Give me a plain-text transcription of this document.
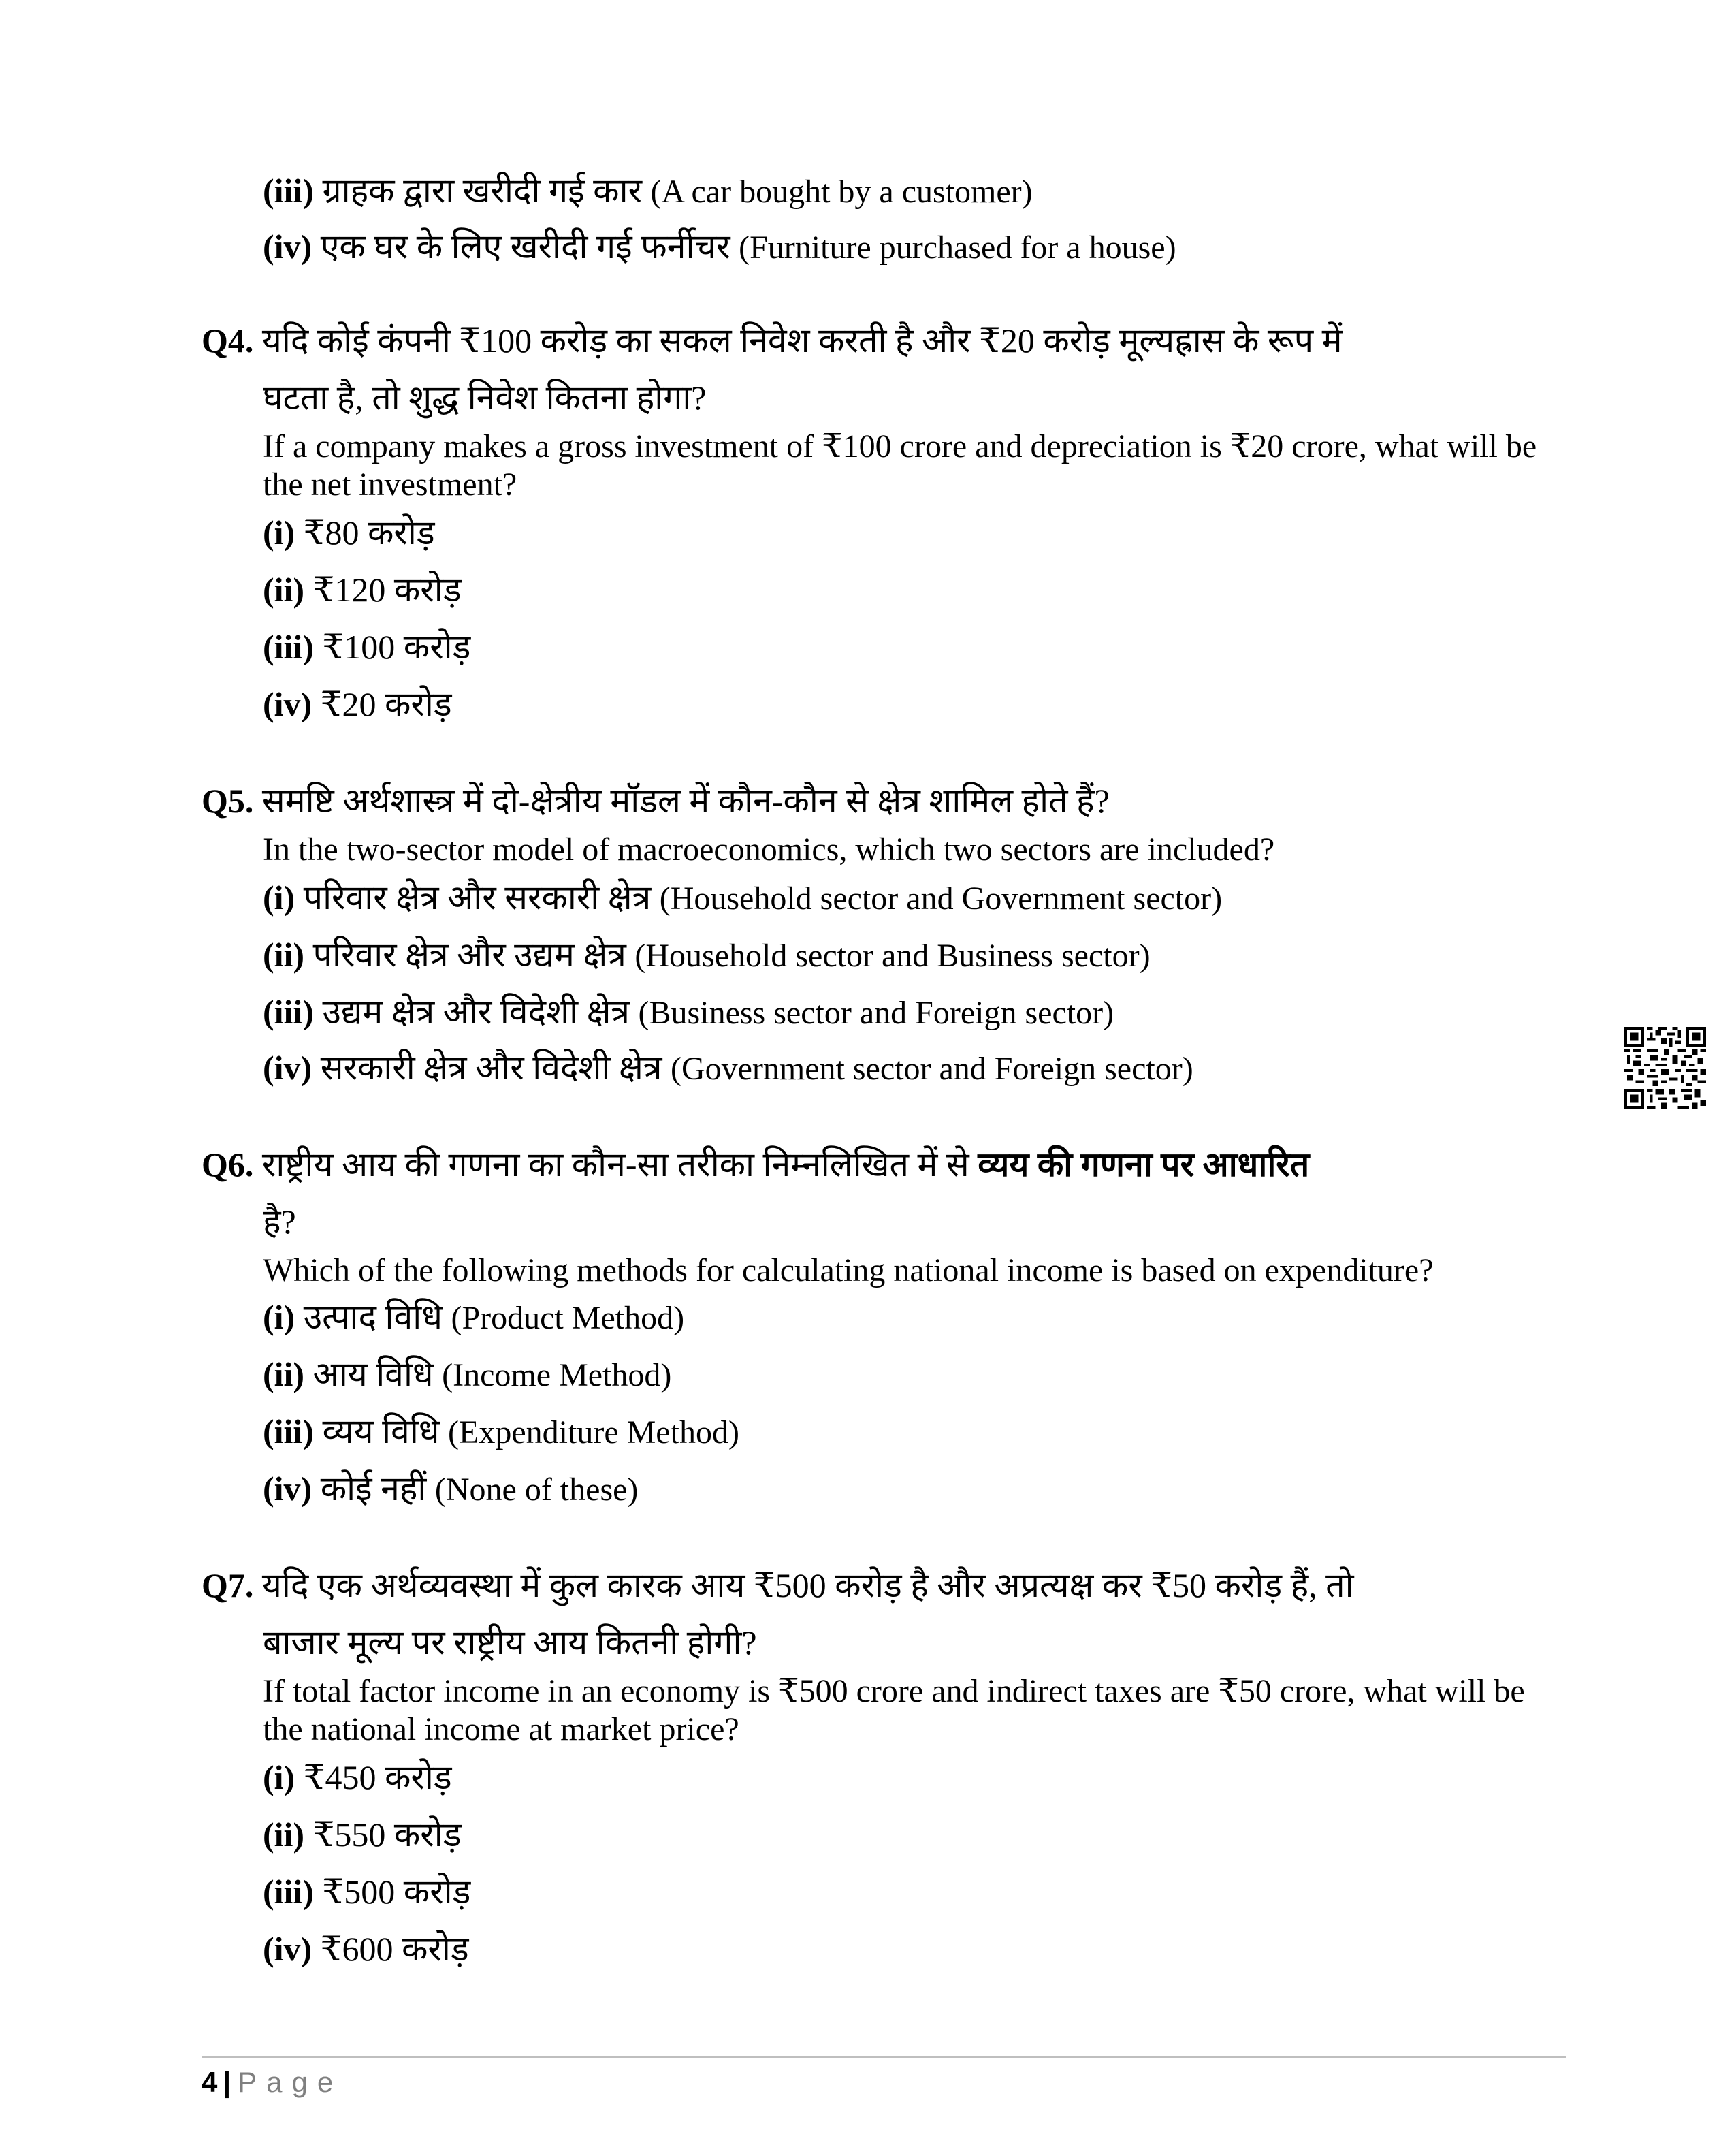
(iii) ग्राहक द्वारा खरीदी गई कार (A car bought by a customer)
(iv) एक घर के लिए खरीदी गई फर्नीचर (Furniture purchased for a house)
Q4. यदि कोई कंपनी ₹100 करोड़ का सकल निवेश करती है और ₹20 करोड़ मूल्यह्रास के रूप में
घटता है, तो शुद्ध निवेश कितना होगा?
If a company makes a gross investment of ₹100 crore and depreciation is ₹20 crore, what will be the net investment?
(i) ₹80 करोड़
(ii) ₹120 करोड़
(iii) ₹100 करोड़
(iv) ₹20 करोड़
Q5. समष्टि अर्थशास्त्र में दो-क्षेत्रीय मॉडल में कौन-कौन से क्षेत्र शामिल होते हैं?
In the two-sector model of macroeconomics, which two sectors are included?
(i) परिवार क्षेत्र और सरकारी क्षेत्र (Household sector and Government sector)
(ii) परिवार क्षेत्र और उद्यम क्षेत्र (Household sector and Business sector)
(iii) उद्यम क्षेत्र और विदेशी क्षेत्र (Business sector and Foreign sector)
(iv) सरकारी क्षेत्र और विदेशी क्षेत्र (Government sector and Foreign sector)
Q6. राष्ट्रीय आय की गणना का कौन-सा तरीका निम्नलिखित में से व्यय की गणना पर आधारित
है?
Which of the following methods for calculating national income is based on expenditure?
(i) उत्पाद विधि (Product Method)
(ii) आय विधि (Income Method)
(iii) व्यय विधि (Expenditure Method)
(iv) कोई नहीं (None of these)
Q7. यदि एक अर्थव्यवस्था में कुल कारक आय ₹500 करोड़ है और अप्रत्यक्ष कर ₹50 करोड़ हैं, तो
बाजार मूल्य पर राष्ट्रीय आय कितनी होगी?
If total factor income in an economy is ₹500 crore and indirect taxes are ₹50 crore, what will be the national income at market price?
(i) ₹450 करोड़
(ii) ₹550 करोड़
(iii) ₹500 करोड़
(iv) ₹600 करोड़
4 | Page
